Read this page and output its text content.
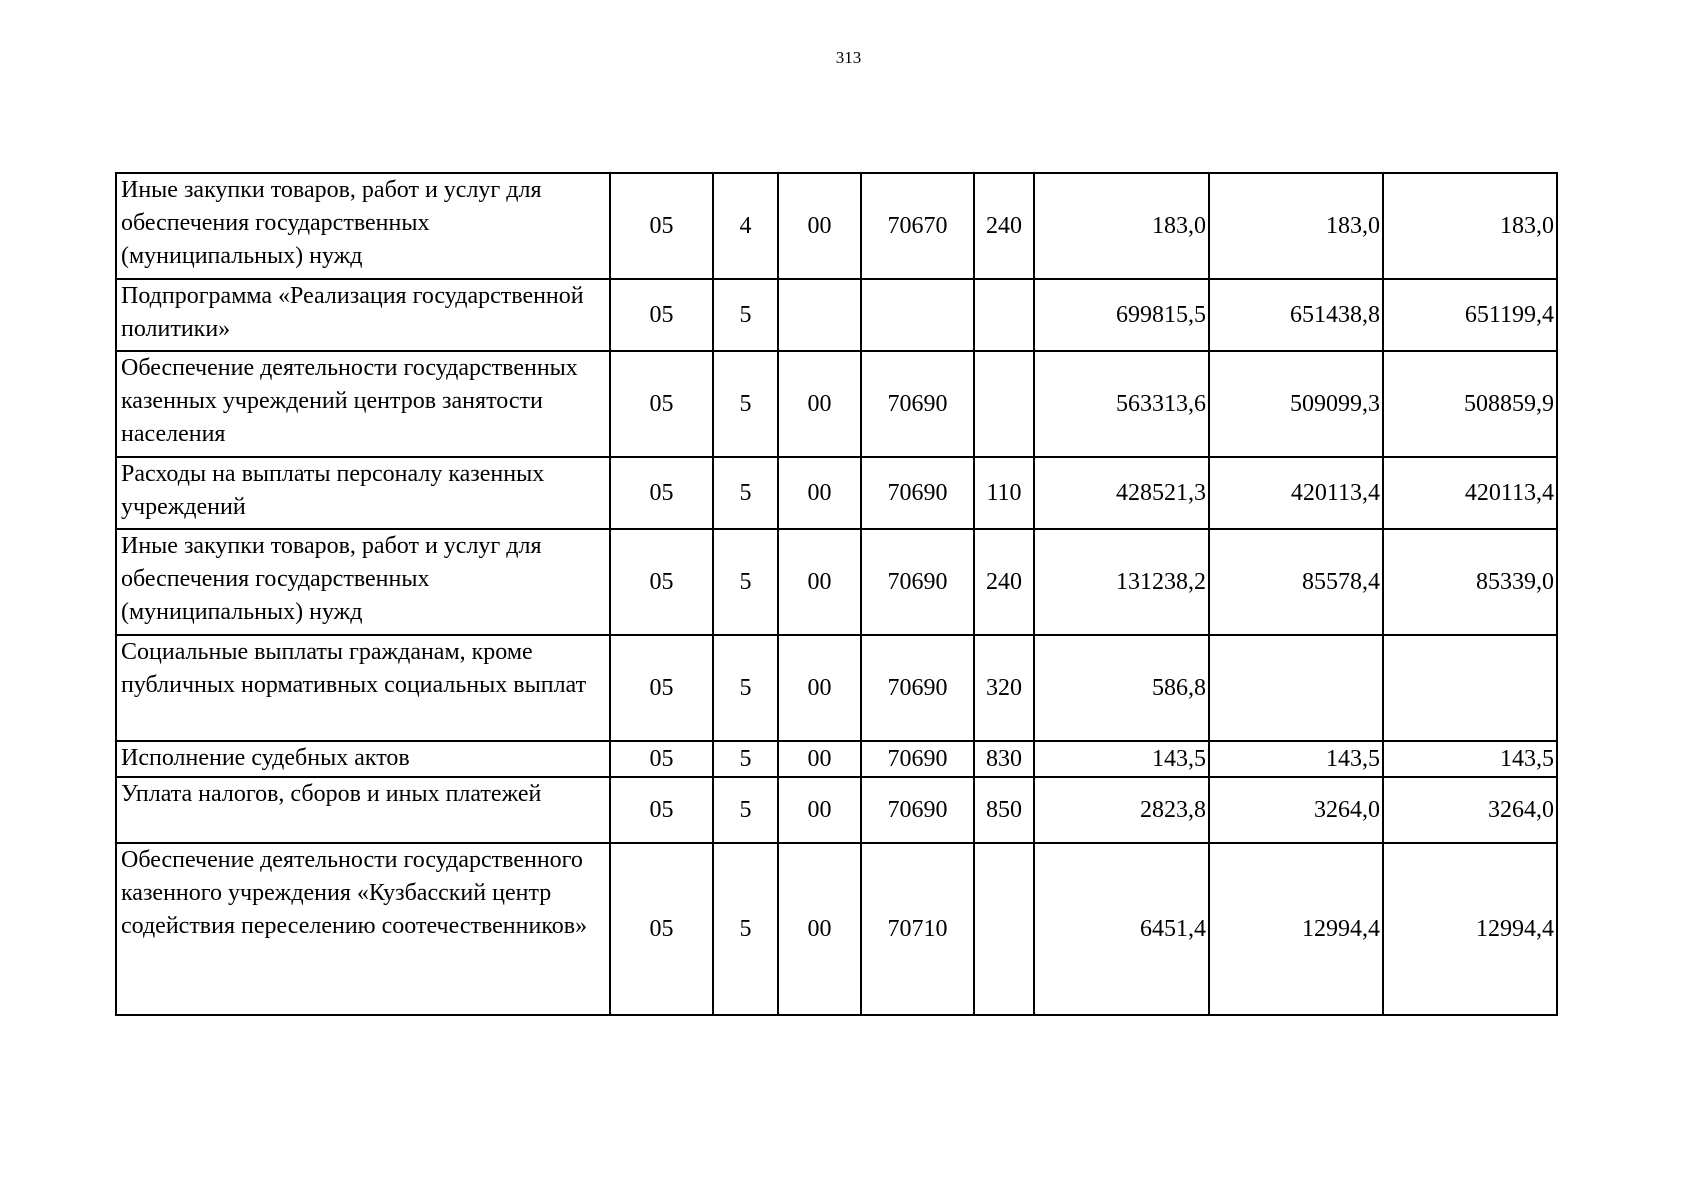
313
Иные закупки товаров, работ и услуг для обеспечения государственных (муниципальных) нужд	05	4	00	70670	240	183,0	183,0	183,0
Подпрограмма «Реализация государственной политики»	05	5				699815,5	651438,8	651199,4
Обеспечение деятельности государственных казенных учреждений центров занятости населения	05	5	00	70690		563313,6	509099,3	508859,9
Расходы на выплаты персоналу казенных учреждений	05	5	00	70690	110	428521,3	420113,4	420113,4
Иные закупки товаров, работ и услуг для обеспечения государственных (муниципальных) нужд	05	5	00	70690	240	131238,2	85578,4	85339,0
Социальные выплаты гражданам, кроме публичных нормативных социальных выплат	05	5	00	70690	320	586,8		
Исполнение судебных актов	05	5	00	70690	830	143,5	143,5	143,5
Уплата налогов, сборов и иных платежей	05	5	00	70690	850	2823,8	3264,0	3264,0
Обеспечение деятельности государственного казенного учреждения «Кузбасский центр содействия переселению соотечественников»	05	5	00	70710		6451,4	12994,4	12994,4
